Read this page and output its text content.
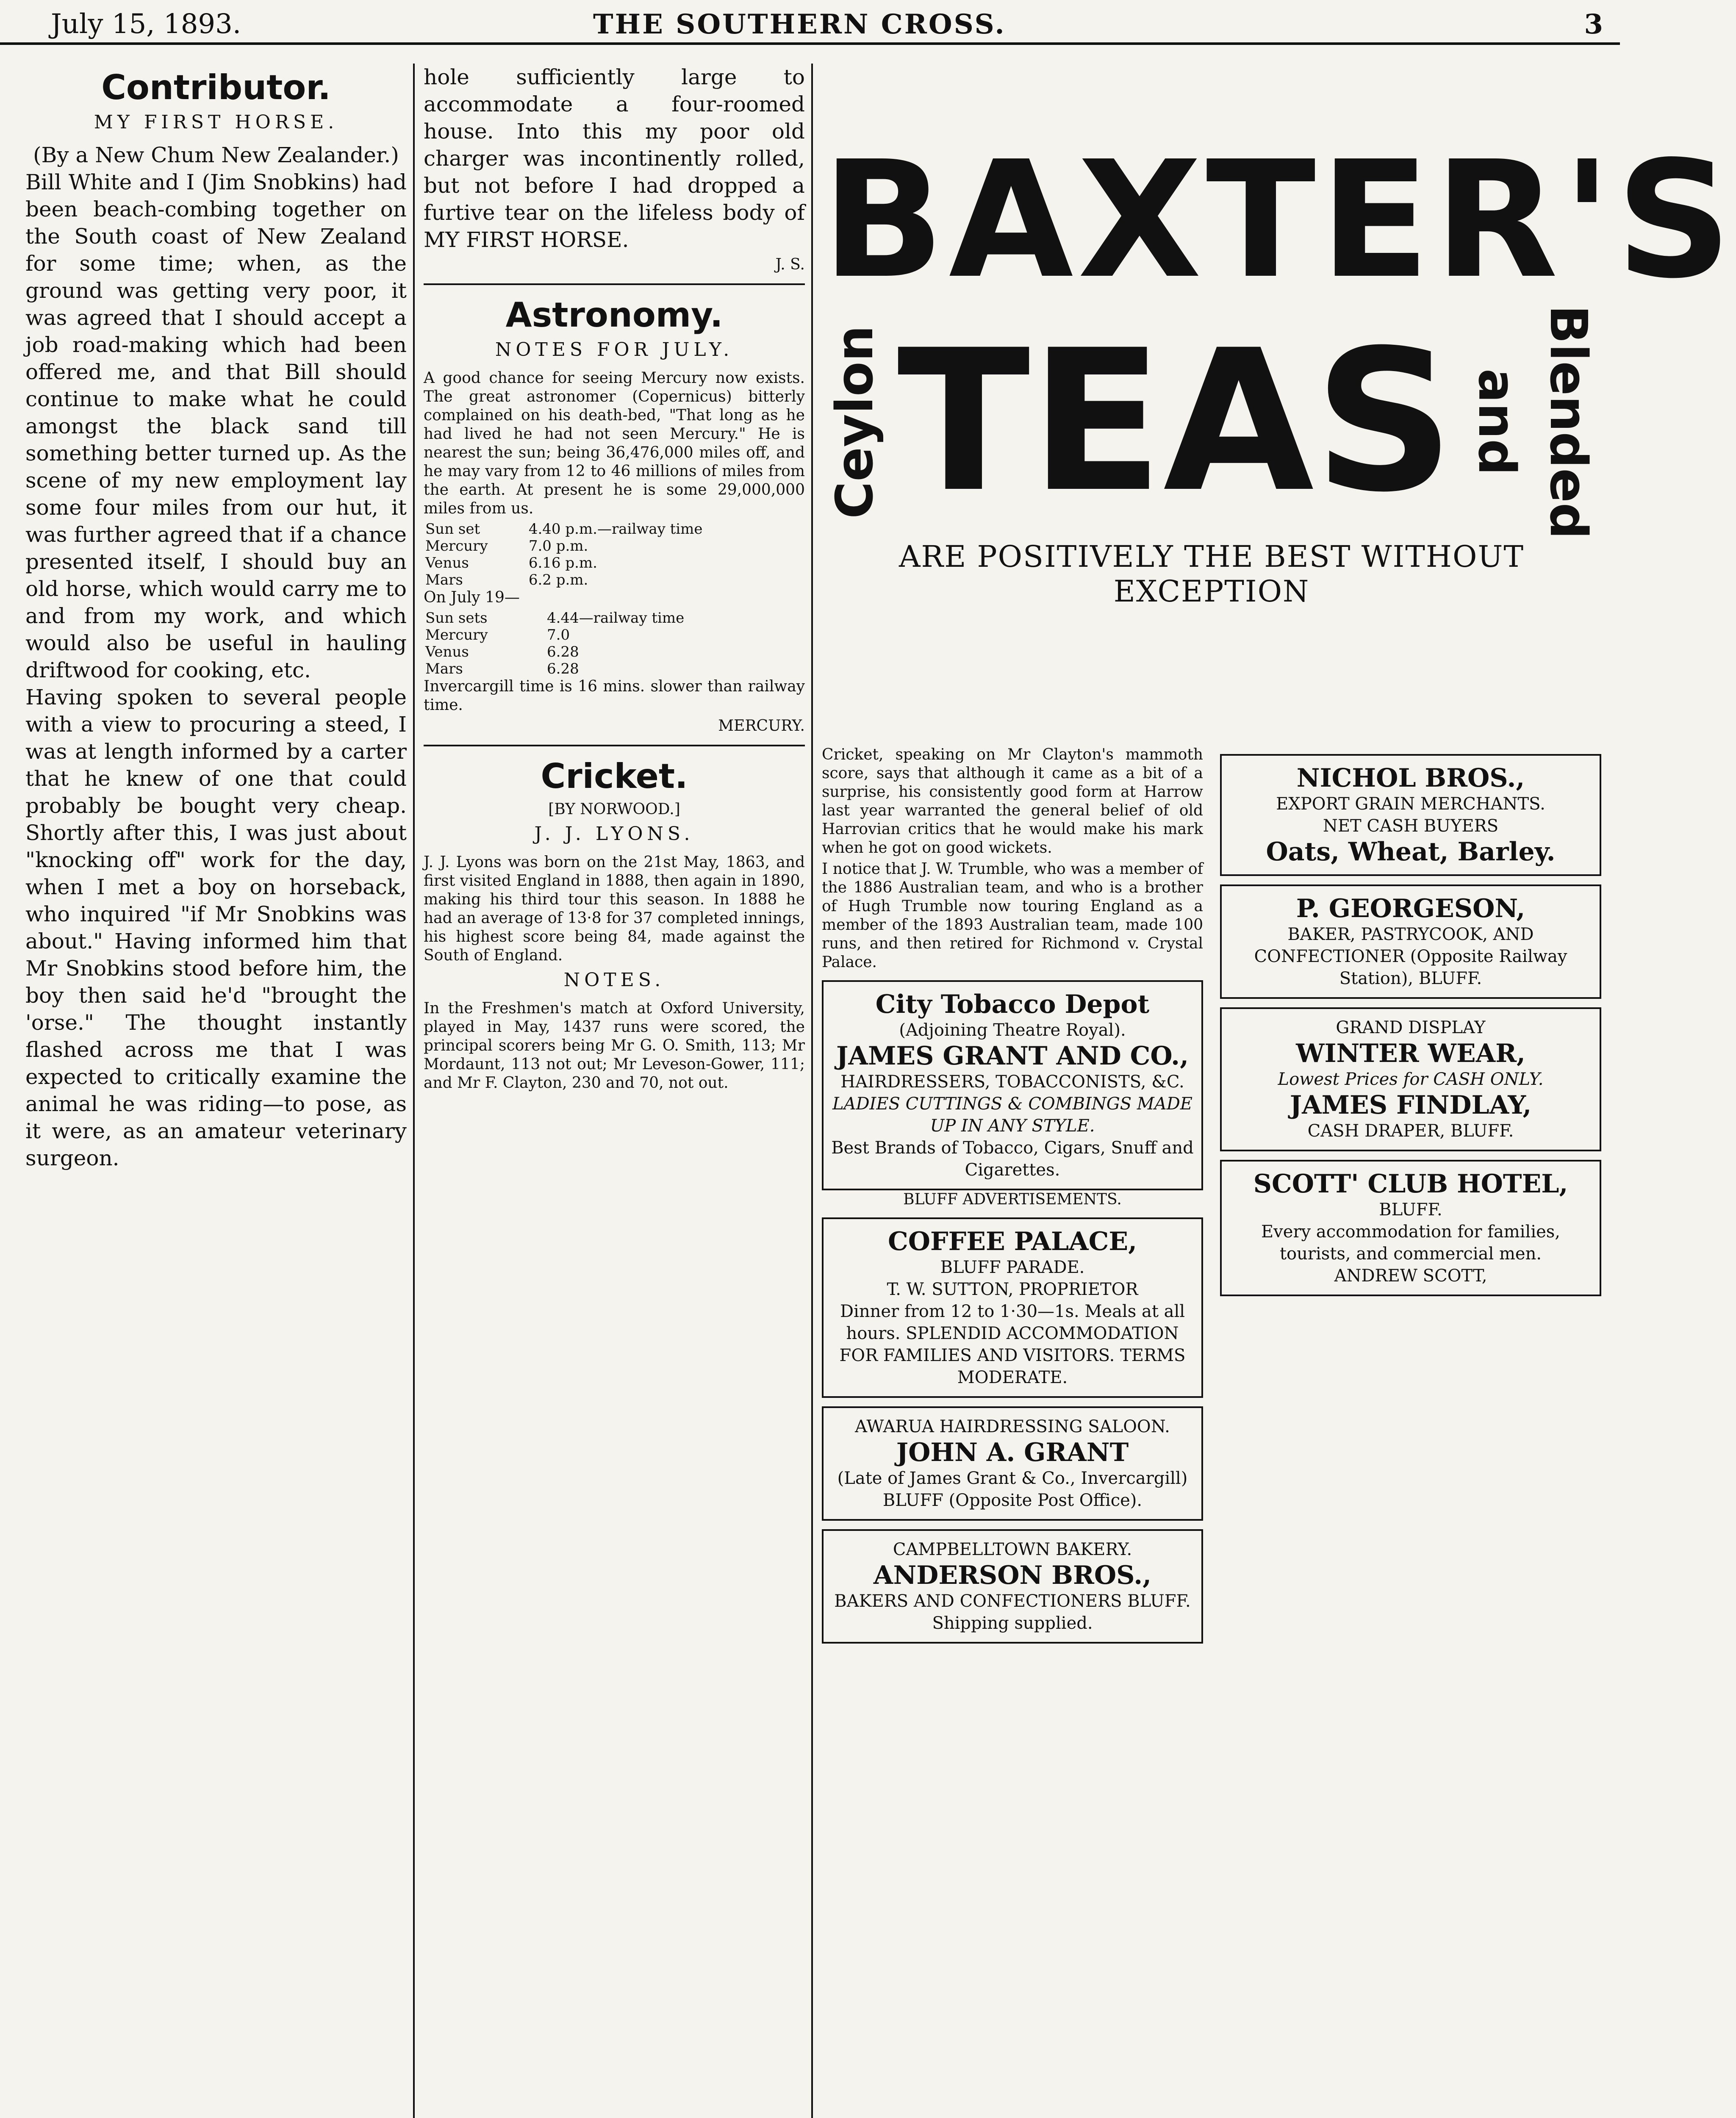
July 15, 1893.	THE SOUTHERN CROSS.	3
Contributor.
MY FIRST HORSE.

(By a New Chum New Zealander.)

Bill White and I (Jim Snobkins) had been beach-combing together on the South coast of New Zealand for some time; when, as the ground was getting very poor, it was agreed that I should accept a job road-making which had been offered me, and that Bill should continue to make what he could amongst the black sand till something better turned up. As the scene of my new employment lay some four miles from our hut, it was further agreed that if a chance presented itself, I should buy an old horse, which would carry me to and from my work, and which would also be useful in hauling driftwood for cooking, etc.

Having spoken to several people with a view to procuring a steed, I was at length informed by a carter that he knew of one that could probably be bought very cheap. Shortly after this, I was just about "knocking off" work for the day, when I met a boy on horseback, who inquired "if Mr Snobkins was about." Having informed him that Mr Snobkins stood before him, the boy then said he'd "brought the 'orse." The thought instantly flashed across me that I was expected to critically examine the animal he was riding—to pose, as it were, as an amateur veterinary surgeon.

hole sufficiently large to accommodate a four-roomed house. Into this my poor old charger was incontinently rolled, but not before I had dropped a furtive tear on the lifeless body of MY FIRST HORSE.

J. S.
Astronomy.
NOTES FOR JULY.

A good chance for seeing Mercury now exists. The great astronomer (Copernicus) bitterly complained on his death-bed, "That long as he had lived he had not seen Mercury." He is nearest the sun; being 36,476,000 miles off, and he may vary from 12 to 46 millions of miles from the earth. At present he is some 29,000,000 miles from us.

Sun set	4.40 p.m.—railway time
Mercury	7.0 p.m.
Venus	6.16 p.m.
Mars	6.2 p.m.

On July 19—

Sun sets	4.44—railway time
Mercury	7.0
Venus	6.28
Mars	6.28

Invercargill time is 16 mins. slower than railway time.

MERCURY.
Cricket.

[BY NORWOOD.]

J. J. LYONS.

J. J. Lyons was born on the 21st May, 1863, and first visited England in 1888, then again in 1890, making his third tour this season. In 1888 he had an average of 13·8 for 37 completed innings, his highest score being 84, made against the South of England.

NOTES.

In the Freshmen's match at Oxford University, played in May, 1437 runs were scored, the principal scorers being Mr G. O. Smith, 113; Mr Mordaunt, 113 not out; Mr Leveson-Gower, 111; and Mr F. Clayton, 230 and 70, not out.

BAXTER'S
Ceylon TEAS and Blended
ARE POSITIVELY THE BEST WITHOUT EXCEPTION

Cricket, speaking on Mr Clayton's mammoth score, says that although it came as a bit of a surprise, his consistently good form at Harrow last year warranted the general belief of old Harrovian critics that he would make his mark when he got on good wickets.

I notice that J. W. Trumble, who was a member of the 1886 Australian team, and who is a brother of Hugh Trumble now touring England as a member of the 1893 Australian team, made 100 runs, and then retired for Richmond v. Crystal Palace.

City Tobacco Depot
(Adjoining Theatre Royal).
JAMES GRANT AND CO.,
HAIRDRESSERS, TOBACCONISTS, &C.
LADIES CUTTINGS & COMBINGS MADE UP IN ANY STYLE.
Best Brands of Tobacco, Cigars, Snuff and Cigarettes.

BLUFF ADVERTISEMENTS.

COFFEE PALACE,
BLUFF PARADE.
T. W. SUTTON, PROPRIETOR
Dinner from 12 to 1·30—1s. Meals at all hours. SPLENDID ACCOMMODATION FOR FAMILIES AND VISITORS. TERMS MODERATE.
AWARUA HAIRDRESSING SALOON.
JOHN A. GRANT
(Late of James Grant & Co., Invercargill) BLUFF (Opposite Post Office).
CAMPBELLTOWN BAKERY.
ANDERSON BROS.,
BAKERS AND CONFECTIONERS BLUFF.
Shipping supplied.
NICHOL BROS.,
EXPORT GRAIN MERCHANTS.
NET CASH BUYERS
Oats, Wheat, Barley.
P. GEORGESON,
BAKER, PASTRYCOOK, AND CONFECTIONER (Opposite Railway Station), BLUFF.
GRAND DISPLAY
WINTER WEAR,
Lowest Prices for CASH ONLY.
JAMES FINDLAY,
CASH DRAPER, BLUFF.
SCOTT' CLUB HOTEL,
BLUFF.
Every accommodation for families, tourists, and commercial men.
ANDREW SCOTT,
